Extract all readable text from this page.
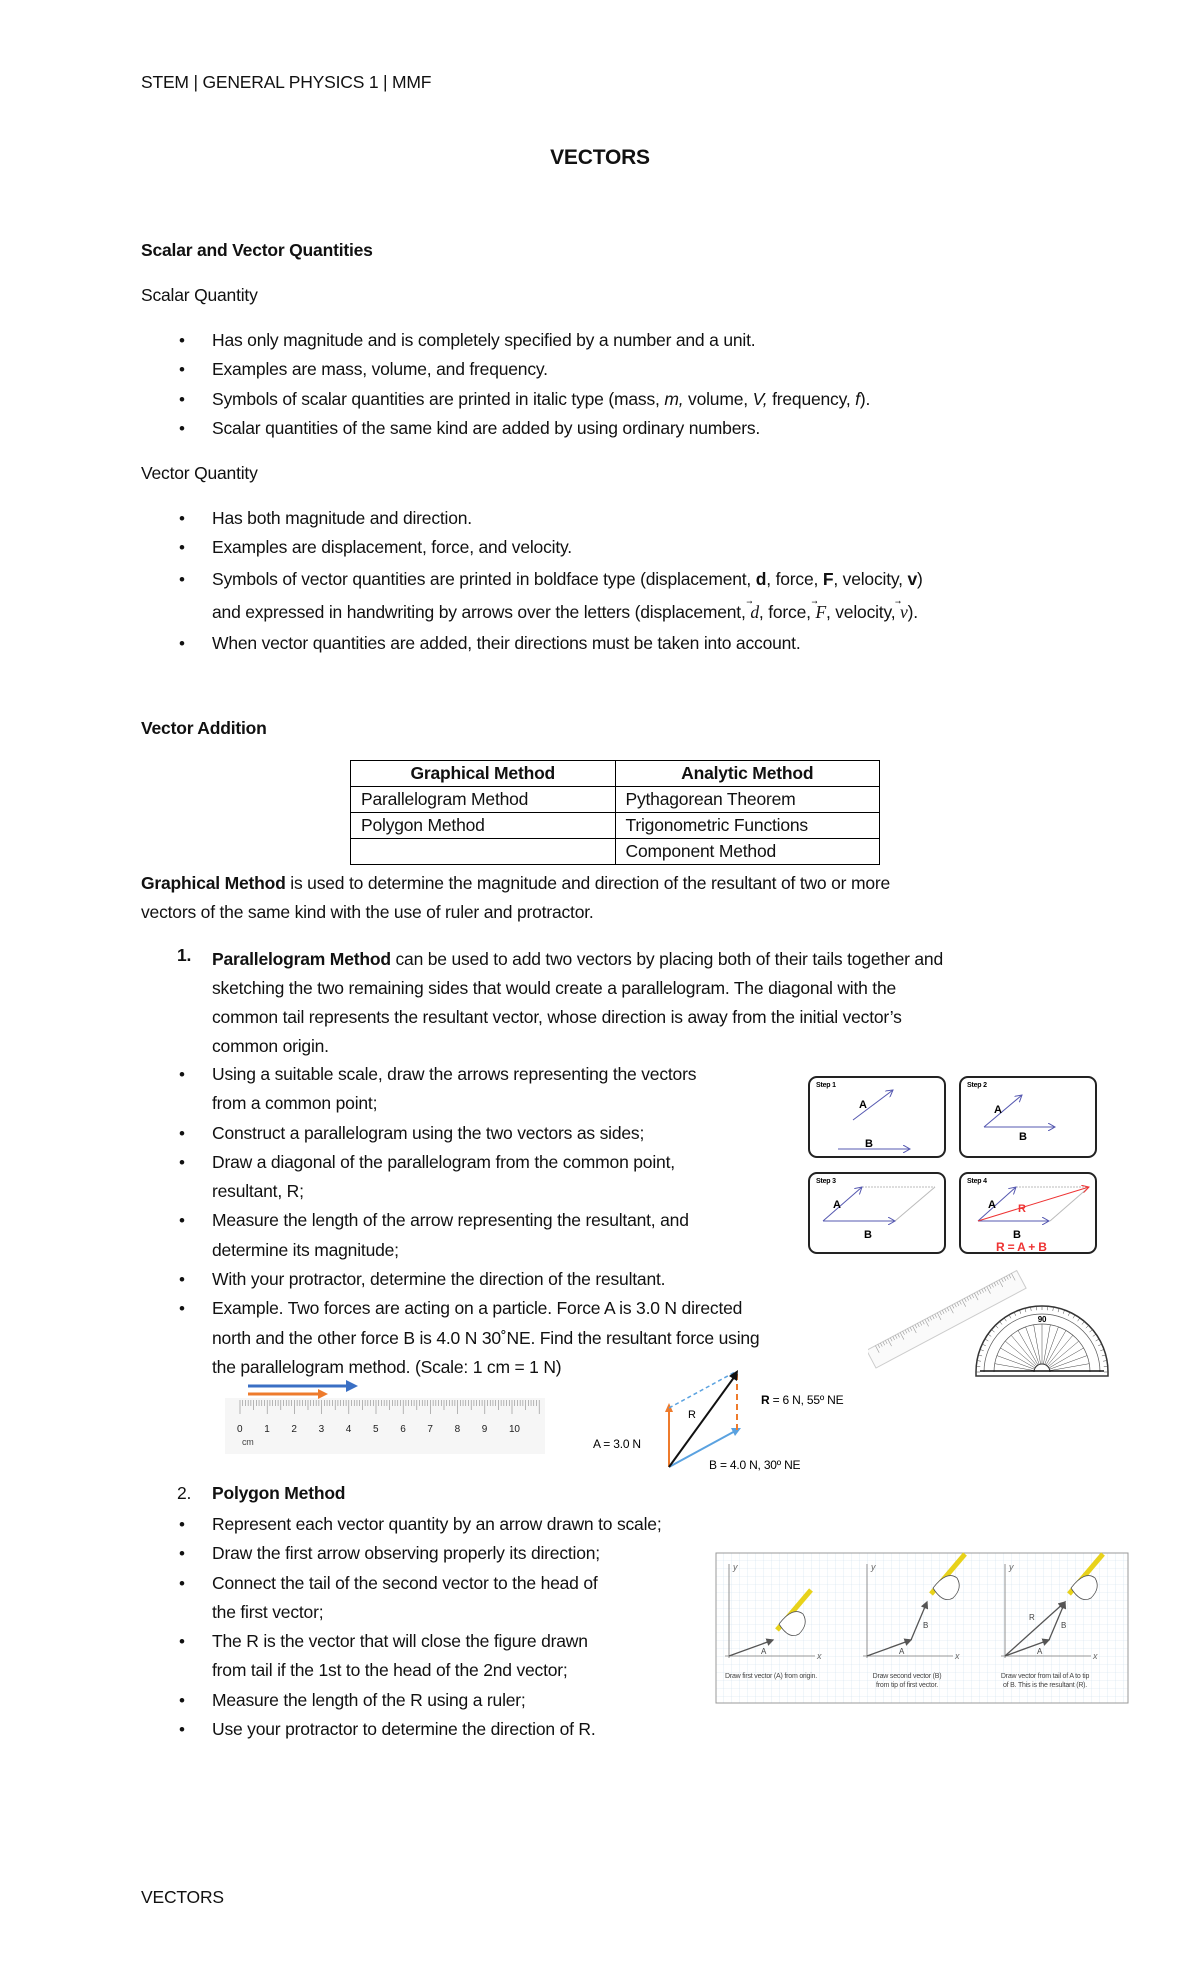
STEM | GENERAL PHYSICS 1 | MMF
VECTORS
Scalar and Vector Quantities
Scalar Quantity
• Has only magnitude and is completely specified by a number and a unit.
• Examples are mass, volume, and frequency.
• Symbols of scalar quantities are printed in italic type (mass, m, volume, V, frequency, f).
• Scalar quantities of the same kind are added by using ordinary numbers.
Vector Quantity
• Has both magnitude and direction.
• Examples are displacement, force, and velocity.
• Symbols of vector quantities are printed in boldface type (displacement, d, force, F, velocity, v)
and expressed in handwriting by arrows over the letters (displacement,
d, force,
F, velocity,
v).
• When vector quantities are added, their directions must be taken into account.
Vector Addition
Graphical Method	Analytic Method
Parallelogram Method	Pythagorean Theorem
Polygon Method	Trigonometric Functions
	Component Method
Graphical Method is used to determine the magnitude and direction of the resultant of two or more
vectors of the same kind with the use of ruler and protractor.
1. Parallelogram Method can be used to add two vectors by placing both of their tails together and
sketching the two remaining sides that would create a parallelogram. The diagonal with the
common tail represents the resultant vector, whose direction is away from the initial vector’s
common origin.
• Using a suitable scale, draw the arrows representing the vectors
from a common point;
• Construct a parallelogram using the two vectors as sides;
• Draw a diagonal of the parallelogram from the common point,
resultant, R;
• Measure the length of the arrow representing the resultant, and
determine its magnitude;
• With your protractor, determine the direction of the resultant.
• Example. Two forces are acting on a particle. Force A is 3.0 N directed
north and the other force B is 4.0 N 30˚NE. Find the resultant force using
the parallelogram method. (Scale: 1 cm = 1 N)
Step 1
A
B
Step 2
A
B
Step 3
A
B
Step 4
A
B
R
R = A + B
90
0 1 2 3 4 5 6 7 8 9 10
cm
R
A = 3.0 N
B = 4.0 N, 30º NE
R = 6 N, 55º NE
2. Polygon Method
• Represent each vector quantity by an arrow drawn to scale;
• Draw the first arrow observing properly its direction;
• Connect the tail of the second vector to the head of
the first vector;
• The R is the vector that will close the figure drawn
from tail if the 1st to the head of the 2nd vector;
• Measure the length of the R using a ruler;
• Use your protractor to determine the direction of R.
y
x
A
Draw first vector (A) from origin.
y
x
A
B
Draw second vector (B)
from tip of first vector.
y
x
A
B
R
Draw vector from tail of A to tip
of B. This is the resultant (R).
VECTORS
